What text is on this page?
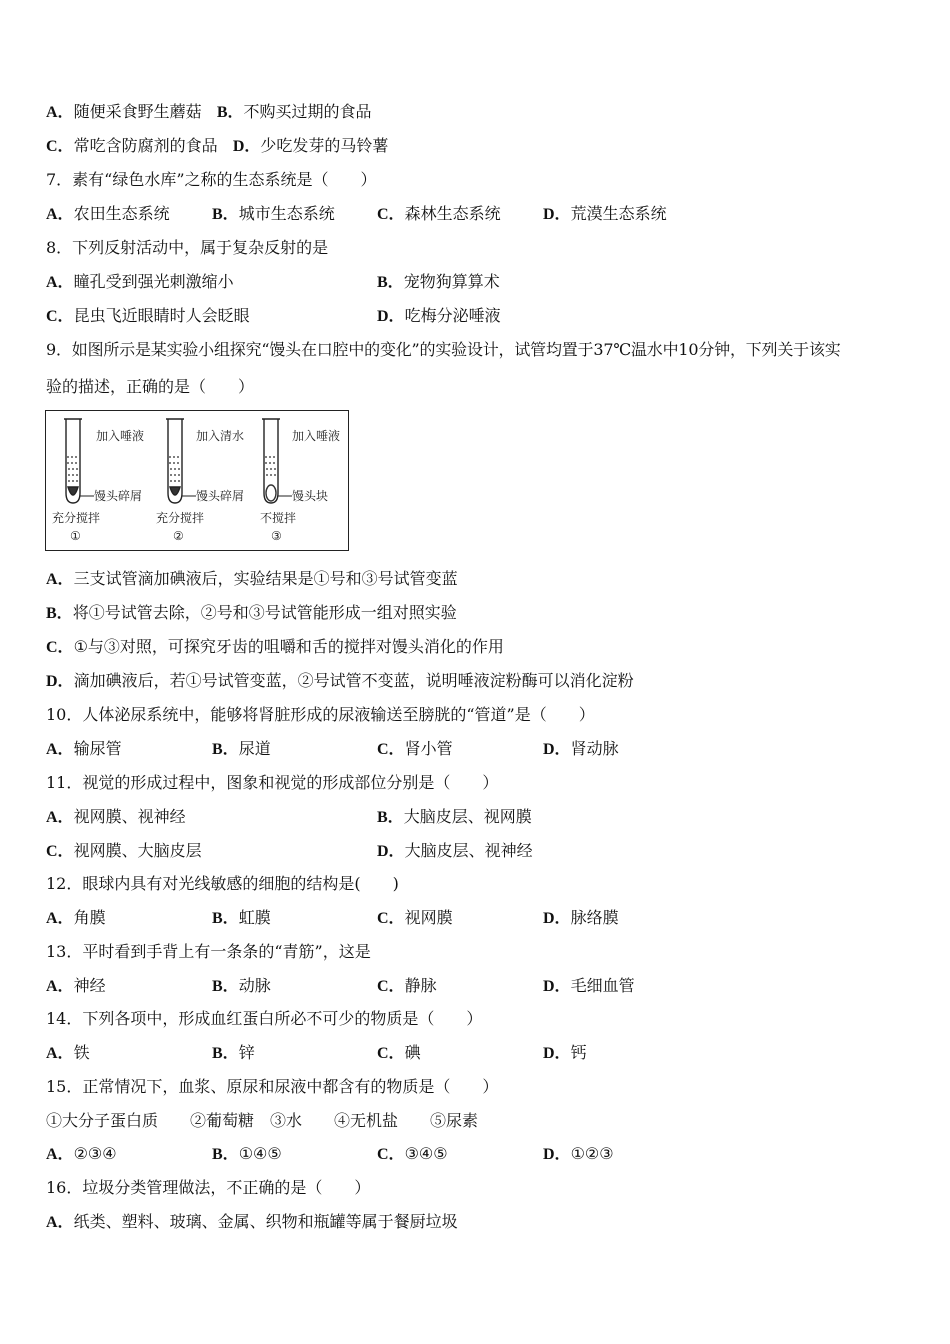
A．随便采食野生蘑菇 B．不购买过期的食品
C．常吃含防腐剂的食品 D．少吃发芽的马铃薯
7．素有“绿色水库”之称的生态系统是（　　）
A．农田生态系统	B．城市生态系统	C．森林生态系统	D．荒漠生态系统
8．下列反射活动中，属于复杂反射的是
A．瞳孔受到强光刺激缩小	B．宠物狗算算术
C．昆虫飞近眼睛时人会眨眼	D．吃梅分泌唾液
9．如图所示是某实验小组探究“馒头在口腔中的变化”的实验设计，试管均置于37℃温水中10分钟，下列关于该实
验的描述，正确的是（　　）
加入唾液
馒头碎屑
充分搅拌
①
加入清水
馒头碎屑
充分搅拌
②
加入唾液
馒头块
不搅拌
③
A．三支试管滴加碘液后，实验结果是①号和③号试管变蓝
B．将①号试管去除，②号和③号试管能形成一组对照实验
C．①与③对照，可探究牙齿的咀嚼和舌的搅拌对馒头消化的作用
D．滴加碘液后，若①号试管变蓝，②号试管不变蓝，说明唾液淀粉酶可以消化淀粉
10．人体泌尿系统中，能够将肾脏形成的尿液输送至膀胱的“管道”是（　　）
A．输尿管	B．尿道	C．肾小管	D．肾动脉
11．视觉的形成过程中，图象和视觉的形成部位分别是（　　）
A．视网膜、视神经	B．大脑皮层、视网膜
C．视网膜、大脑皮层	D．大脑皮层、视神经
12．眼球内具有对光线敏感的细胞的结构是(　　)
A．角膜	B．虹膜	C．视网膜	D．脉络膜
13．平时看到手背上有一条条的“青筋”，这是
A．神经	B．动脉	C．静脉	D．毛细血管
14．下列各项中，形成血红蛋白所必不可少的物质是（　　）
A．铁	B．锌	C．碘	D．钙
15．正常情况下，血浆、原尿和尿液中都含有的物质是（　　）
①大分子蛋白质　　②葡萄糖　③水　　④无机盐　　⑤尿素
A．②③④	B．①④⑤	C．③④⑤	D．①②③
16．垃圾分类管理做法，不正确的是（　　）
A．纸类、塑料、玻璃、金属、织物和瓶罐等属于餐厨垃圾
